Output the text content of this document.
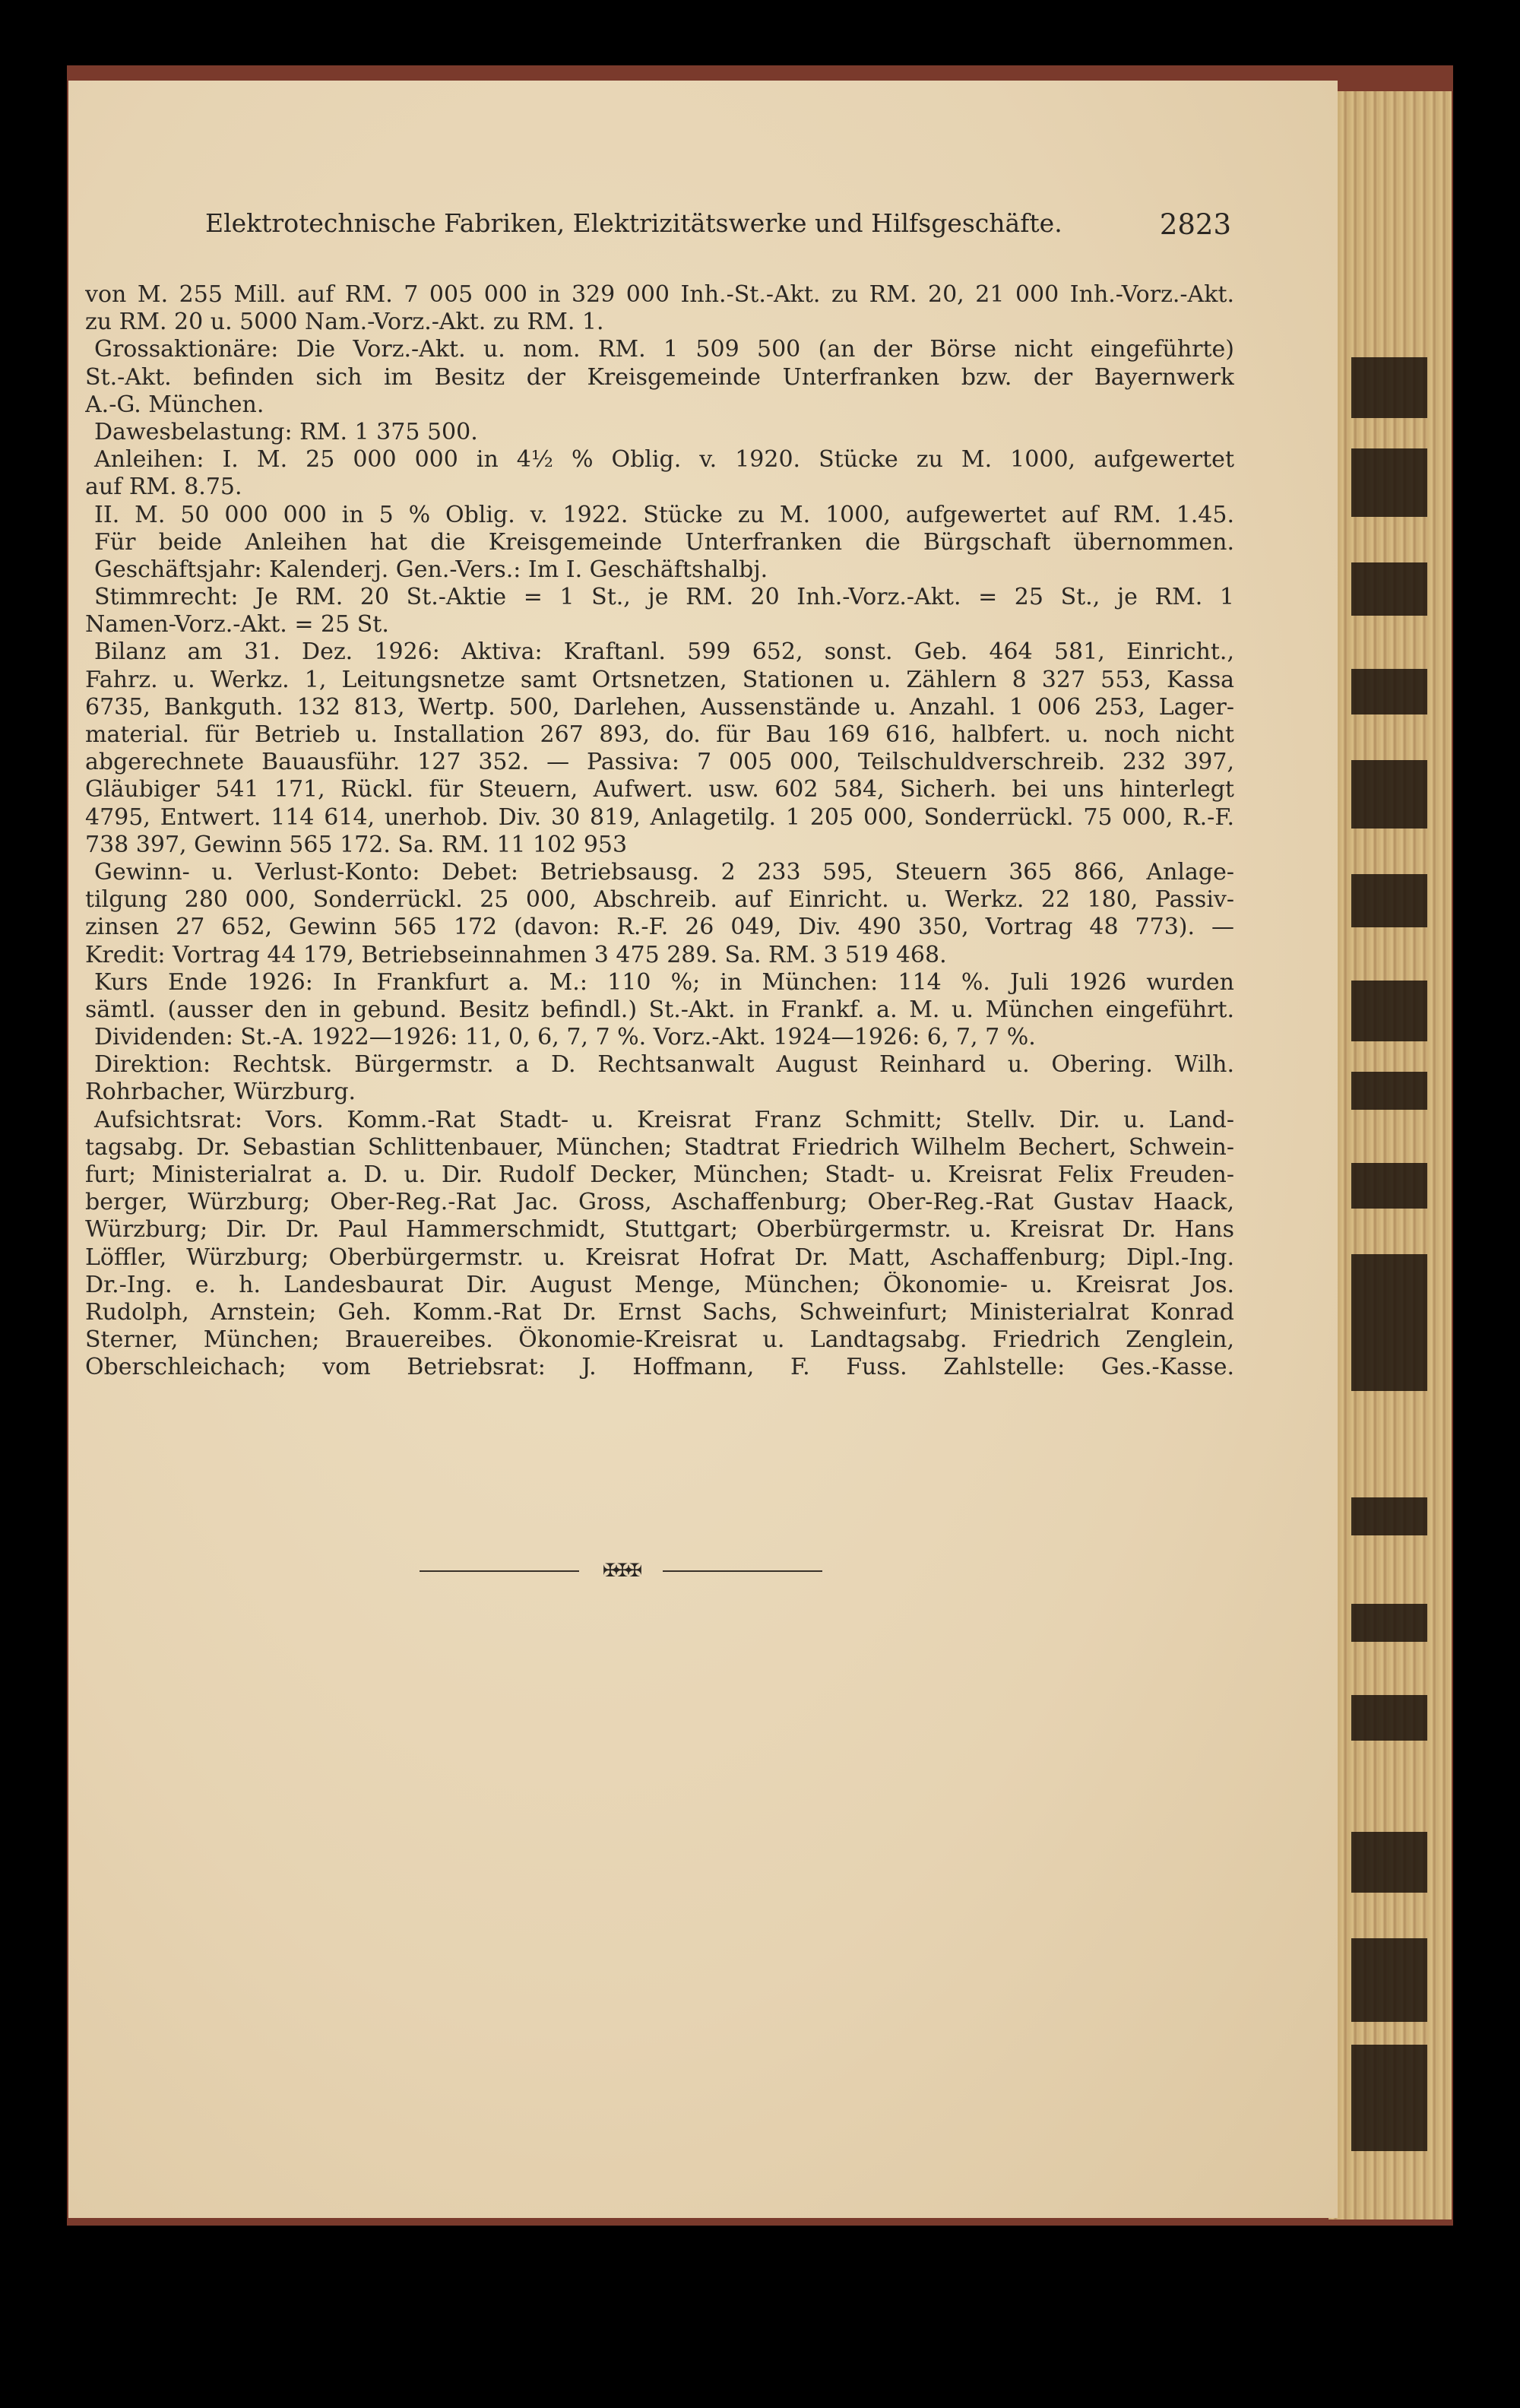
Elektrotechnische Fabriken, Elektrizitätswerke und Hilfsgeschäfte.	2823
von M. 255 Mill. auf RM. 7 005 000 in 329 000 Inh.-St.-Akt. zu RM. 20, 21 000 Inh.-Vorz.-Akt.
zu RM. 20 u. 5000 Nam.-Vorz.-Akt. zu RM. 1.
Grossaktionäre: Die Vorz.-Akt. u. nom. RM. 1 509 500 (an der Börse nicht eingeführte)
St.-Akt. befinden sich im Besitz der Kreisgemeinde Unterfranken bzw. der Bayernwerk
A.-G. München.
Dawesbelastung: RM. 1 375 500.
Anleihen: I. M. 25 000 000 in 4½ % Oblig. v. 1920. Stücke zu M. 1000, aufgewertet
auf RM. 8.75.
II. M. 50 000 000 in 5 % Oblig. v. 1922. Stücke zu M. 1000, aufgewertet auf RM. 1.45.
Für beide Anleihen hat die Kreisgemeinde Unterfranken die Bürgschaft übernommen.
Geschäftsjahr: Kalenderj. Gen.-Vers.: Im I. Geschäftshalbj.
Stimmrecht: Je RM. 20 St.-Aktie = 1 St., je RM. 20 Inh.-Vorz.-Akt. = 25 St., je RM. 1
Namen-Vorz.-Akt. = 25 St.
Bilanz am 31. Dez. 1926: Aktiva: Kraftanl. 599 652, sonst. Geb. 464 581, Einricht.,
Fahrz. u. Werkz. 1, Leitungsnetze samt Ortsnetzen, Stationen u. Zählern 8 327 553, Kassa
6735, Bankguth. 132 813, Wertp. 500, Darlehen, Aussenstände u. Anzahl. 1 006 253, Lager-
material. für Betrieb u. Installation 267 893, do. für Bau 169 616, halbfert. u. noch nicht
abgerechnete Bauausführ. 127 352. — Passiva: 7 005 000, Teilschuldverschreib. 232 397,
Gläubiger 541 171, Rückl. für Steuern, Aufwert. usw. 602 584, Sicherh. bei uns hinterlegt
4795, Entwert. 114 614, unerhob. Div. 30 819, Anlagetilg. 1 205 000, Sonderrückl. 75 000, R.-F.
738 397, Gewinn 565 172. Sa. RM. 11 102 953
Gewinn- u. Verlust-Konto: Debet: Betriebsausg. 2 233 595, Steuern 365 866, Anlage-
tilgung 280 000, Sonderrückl. 25 000, Abschreib. auf Einricht. u. Werkz. 22 180, Passiv-
zinsen 27 652, Gewinn 565 172 (davon: R.-F. 26 049, Div. 490 350, Vortrag 48 773). —
Kredit: Vortrag 44 179, Betriebseinnahmen 3 475 289. Sa. RM. 3 519 468.
Kurs Ende 1926: In Frankfurt a. M.: 110 %; in München: 114 %. Juli 1926 wurden
sämtl. (ausser den in gebund. Besitz befindl.) St.-Akt. in Frankf. a. M. u. München eingeführt.
Dividenden: St.-A. 1922—1926: 11, 0, 6, 7, 7 %. Vorz.-Akt. 1924—1926: 6, 7, 7 %.
Direktion: Rechtsk. Bürgermstr. a D. Rechtsanwalt August Reinhard u. Obering. Wilh.
Rohrbacher, Würzburg.
Aufsichtsrat: Vors. Komm.-Rat Stadt- u. Kreisrat Franz Schmitt; Stellv. Dir. u. Land-
tagsabg. Dr. Sebastian Schlittenbauer, München; Stadtrat Friedrich Wilhelm Bechert, Schwein-
furt; Ministerialrat a. D. u. Dir. Rudolf Decker, München; Stadt- u. Kreisrat Felix Freuden-
berger, Würzburg; Ober-Reg.-Rat Jac. Gross, Aschaffenburg; Ober-Reg.-Rat Gustav Haack,
Würzburg; Dir. Dr. Paul Hammerschmidt, Stuttgart; Oberbürgermstr. u. Kreisrat Dr. Hans
Löffler, Würzburg; Oberbürgermstr. u. Kreisrat Hofrat Dr. Matt, Aschaffenburg; Dipl.-Ing.
Dr.-Ing. e. h. Landesbaurat Dir. August Menge, München; Ökonomie- u. Kreisrat Jos.
Rudolph, Arnstein; Geh. Komm.-Rat Dr. Ernst Sachs, Schweinfurt; Ministerialrat Konrad
Sterner, München; Brauereibes. Ökonomie-Kreisrat u. Landtagsabg. Friedrich Zenglein,
Oberschleichach; vom Betriebsrat: J. Hoffmann, F. Fuss. Zahlstelle: Ges.-Kasse.
✠✠✠
